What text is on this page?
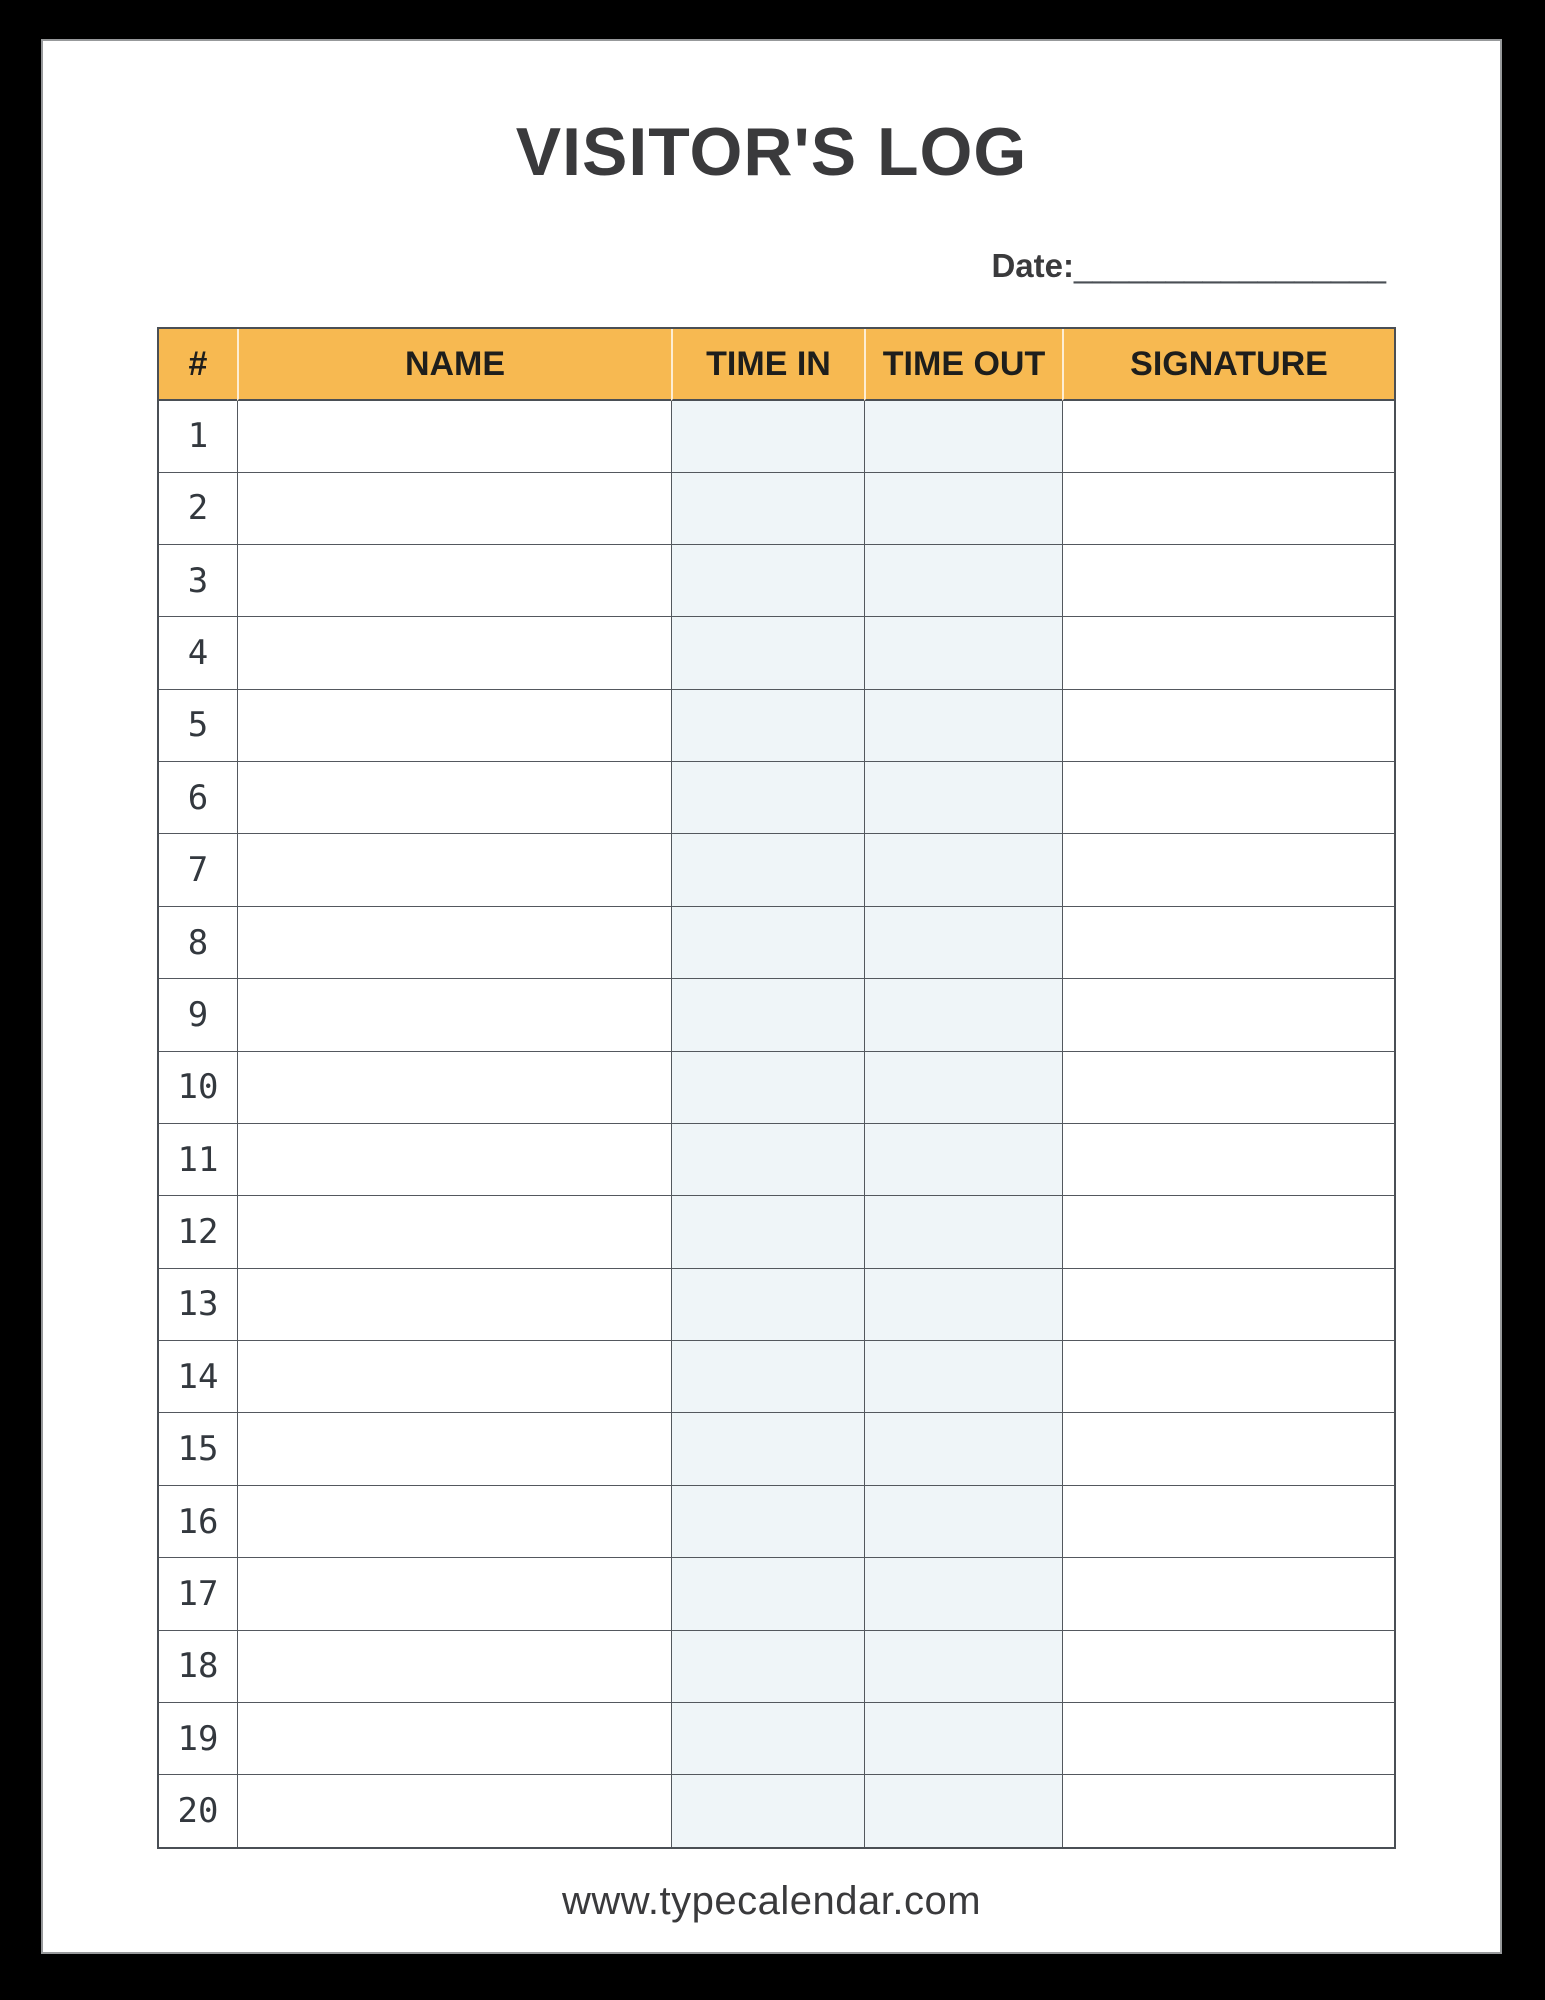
VISITOR'S LOG
Date:_________________
#	NAME	TIME IN	TIME OUT	SIGNATURE
1				
2				
3				
4				
5				
6				
7				
8				
9				
10				
11				
12				
13				
14				
15				
16				
17				
18				
19				
20				
www.typecalendar.com
